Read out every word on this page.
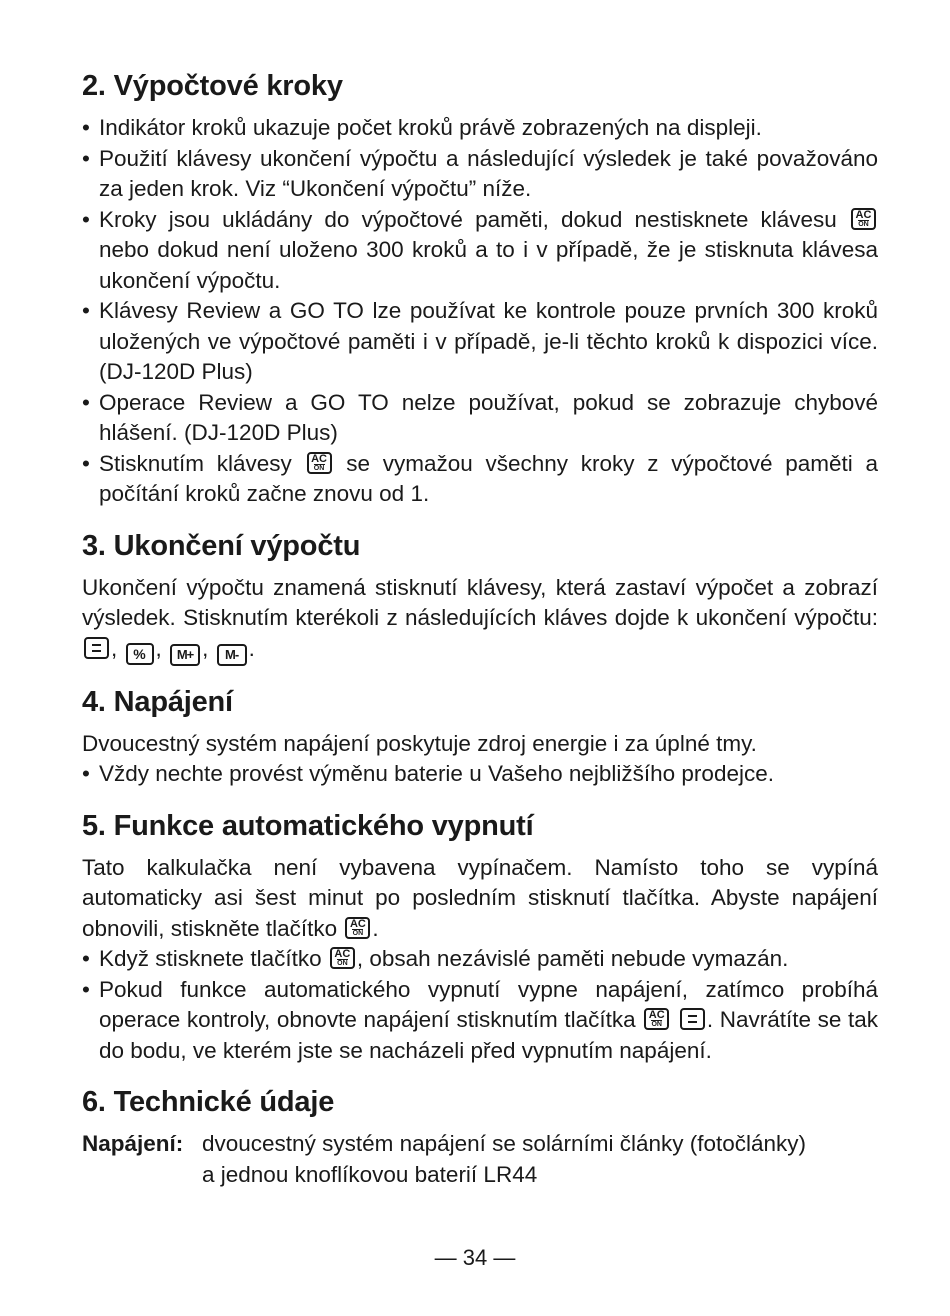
2. Výpočtové kroky
• Indikátor kroků ukazuje počet kroků právě zobrazených na displeji.
• Použití klávesy ukončení výpočtu a následující výsledek je také považováno za jeden krok. Viz “Ukončení výpočtu” níže.
• Kroky jsou ukládány do výpočtové paměti, dokud nestisknete klávesu AC
ON
nebo dokud není uloženo 300 kroků a to i v případě, že je stisknuta klávesa ukončení výpočtu.
• Klávesy Review a GO TO lze používat ke kontrole pouze prvních 300 kroků uložených ve výpočtové paměti i v případě, je-li těchto kroků k dispozici více. (DJ-120D Plus)
• Operace Review a GO TO nelze používat, pokud se zobrazuje chybové hlášení. (DJ-120D Plus)
• Stisknutím klávesy AC
ON se vymažou všechny kroky z výpočtové paměti a počítání kroků začne znovu od 1.
3. Ukončení výpočtu

Ukončení výpočtu znamená stisknutí klávesy, která zastaví výpočet a zobrazí výsledek. Stisknutím kterékoli z následujících kláves dojde k ukončení výpočtu:
, % , M+ , M- .

4. Napájení

Dvoucestný systém napájení poskytuje zdroj energie i za úplné tmy.

• Vždy nechte provést výměnu baterie u Vašeho nejbližšího prodejce.
5. Funkce automatického vypnutí

Tato kalkulačka není vybavena vypínačem. Namísto toho se vypíná automaticky asi šest minut po posledním stisknutí tlačítka. Abyste napájení obnovili, stiskněte tlačítko AC
ON .

• Když stisknete tlačítko AC
ON , obsah nezávislé paměti nebude vymazán.
• Pokud funkce automatického vypnutí vypne napájení, zatímco probíhá operace kontroly, obnovte napájení stisknutím tlačítka AC
ON
. Navrátíte se tak do bodu, ve kterém jste se nacházeli před vypnutím napájení.
6. Technické údaje
Napájení: dvoucestný systém napájení se solárními články (fotočlánky)
a jednou knoflíkovou baterií LR44
— 34 —
